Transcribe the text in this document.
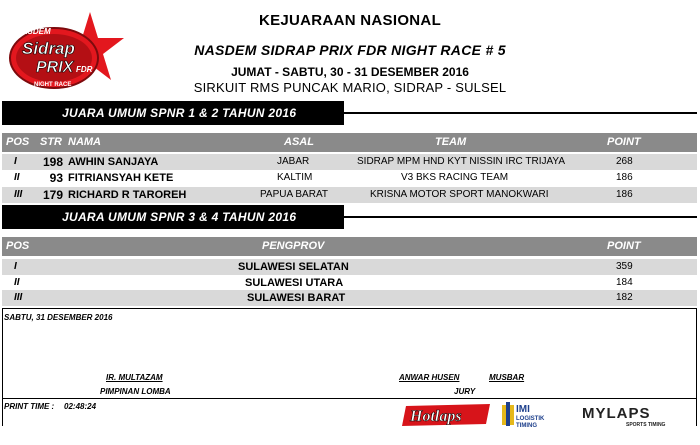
NASDEM
Sidrap
PRIX FDR
NIGHT RACE
KEJUARAAN NASIONAL
NASDEM SIDRAP PRIX FDR NIGHT RACE # 5
JUMAT - SABTU, 30 - 31 DESEMBER 2016
SIRKUIT RMS PUNCAK MARIO, SIDRAP - SULSEL
JUARA UMUM SPNR 1 & 2 TAHUN 2016
POS STR NAMA	ASAL	TEAM	POINT
I 198 AWHIN SANJAYA	JABAR	SIDRAP MPM HND KYT NISSIN IRC TRIJAYA	268
II	93 FITRIANSYAH KETE	KALTIM	V3 BKS RACING TEAM	186
III 179 RICHARD R TAROREH	PAPUA BARAT	KRISNA MOTOR SPORT MANOKWARI	186
JUARA UMUM SPNR 3 & 4 TAHUN 2016
POS	PENGPROV	POINT
I	SULAWESI SELATAN	359
II	SULAWESI UTARA	184
III	SULAWESI BARAT	182
SABTU, 31 DESEMBER 2016
IR. MULTAZAM
PIMPINAN LOMBA
ANWAR HUSEN	MUSBAR
JURY
PRINT TIME : 02:48:24
Hotlaps	IMI
LOGISTIK
TIMING
MYLAPS
SPORTS TIMING
